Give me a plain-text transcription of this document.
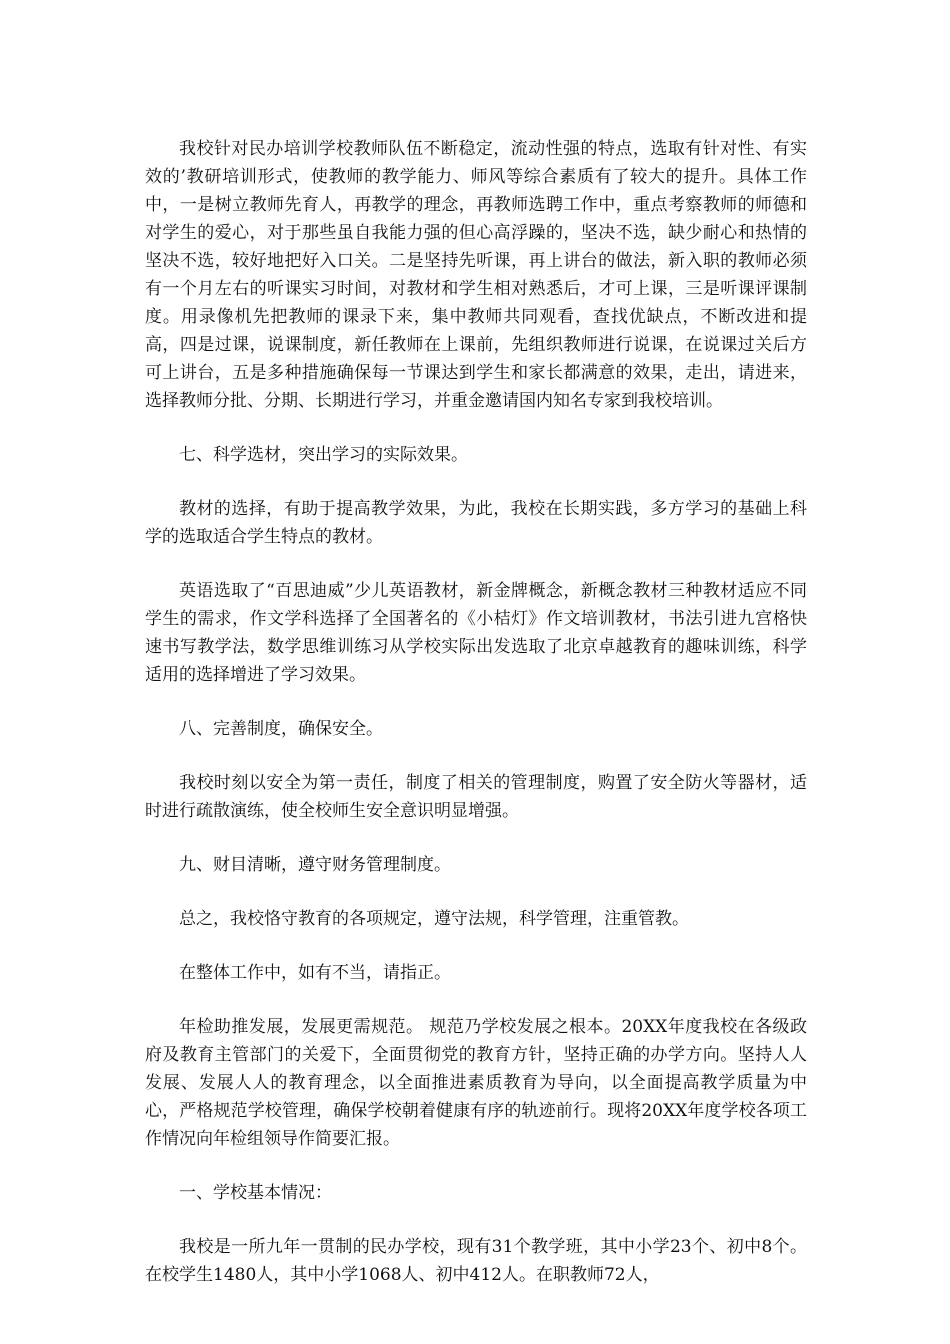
我校针对民办培训学校教师队伍不断稳定，流动性强的特点，选取有针对性、有实效的’教研培训形式，使教师的教学能力、师风等综合素质有了较大的提升。具体工作中，一是树立教师先育人，再教学的理念，再教师选聘工作中，重点考察教师的师德和对学生的爱心，对于那些虽自我能力强的但心高浮躁的，坚决不选，缺少耐心和热情的坚决不选，较好地把好入口关。二是坚持先听课，再上讲台的做法，新入职的教师必须有一个月左右的听课实习时间，对教材和学生相对熟悉后，才可上课，三是听课评课制度。用录像机先把教师的课录下来，集中教师共同观看，查找优缺点，不断改进和提高，四是过课，说课制度，新任教师在上课前，先组织教师进行说课，在说课过关后方可上讲台，五是多种措施确保每一节课达到学生和家长都满意的效果，走出，请进来，选择教师分批、分期、长期进行学习，并重金邀请国内知名专家到我校培训。

七、科学选材，突出学习的实际效果。

教材的选择，有助于提高教学效果，为此，我校在长期实践，多方学习的基础上科学的选取适合学生特点的教材。

英语选取了“百思迪威”少儿英语教材，新金牌概念，新概念教材三种教材适应不同学生的需求，作文学科选择了全国著名的《小桔灯》作文培训教材，书法引进九宫格快速书写教学法，数学思维训练习从学校实际出发选取了北京卓越教育的趣味训练，科学适用的选择增进了学习效果。

八、完善制度，确保安全。

我校时刻以安全为第一责任，制度了相关的管理制度，购置了安全防火等器材，适时进行疏散演练，使全校师生安全意识明显增强。

九、财目清晰，遵守财务管理制度。

总之，我校恪守教育的各项规定，遵守法规，科学管理，注重管教。

在整体工作中，如有不当，请指正。

年检助推发展，发展更需规范。 规范乃学校发展之根本。20XX年度我校在各级政府及教育主管部门的关爱下，全面贯彻党的教育方针，坚持正确的办学方向。坚持人人发展、发展人人的教育理念，以全面推进素质教育为导向，以全面提高教学质量为中心，严格规范学校管理，确保学校朝着健康有序的轨迹前行。现将20XX年度学校各项工作情况向年检组领导作简要汇报。

一、学校基本情况：

我校是一所九年一贯制的民办学校，现有31个教学班，其中小学23个、初中8个。在校学生1480人，其中小学1068人、初中412人。在职教师72人，
